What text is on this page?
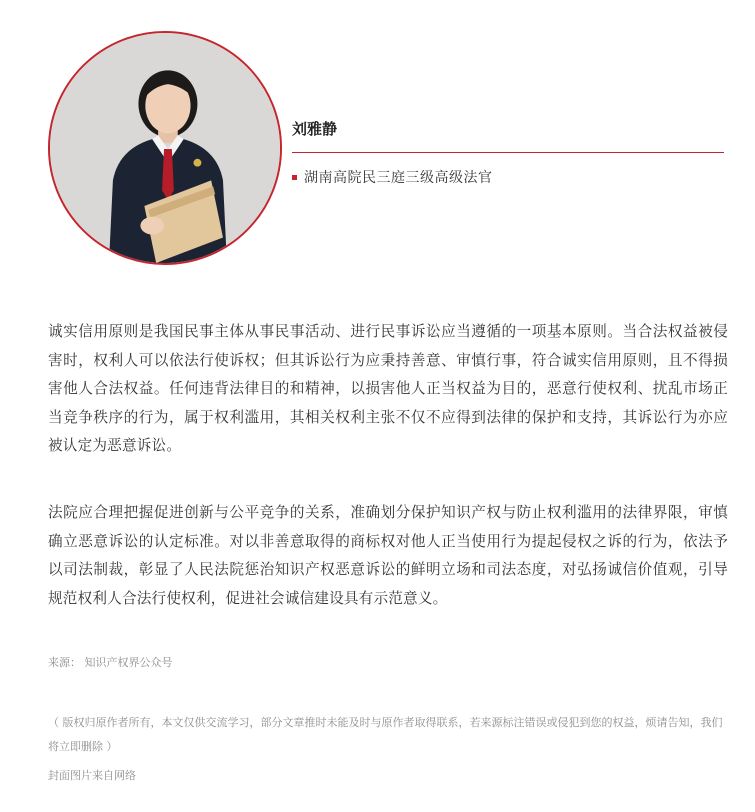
刘雅静
湖南高院民三庭三级高级法官

诚实信用原则是我国民事主体从事民事活动、进行民事诉讼应当遵循的一项基本原则。当合法权益被侵害时，权利人可以依法行使诉权；但其诉讼行为应秉持善意、审慎行事，符合诚实信用原则，且不得损害他人合法权益。任何违背法律目的和精神，以损害他人正当权益为目的，恶意行使权利、扰乱市场正当竞争秩序的行为，属于权利滥用，其相关权利主张不仅不应得到法律的保护和支持，其诉讼行为亦应被认定为恶意诉讼。

法院应合理把握促进创新与公平竞争的关系，准确划分保护知识产权与防止权利滥用的法律界限，审慎确立恶意诉讼的认定标准。对以非善意取得的商标权对他人正当使用行为提起侵权之诉的行为，依法予以司法制裁，彰显了人民法院惩治知识产权恶意诉讼的鲜明立场和司法态度，对弘扬诚信价值观，引导规范权利人合法行使权利，促进社会诚信建设具有示范意义。

来源： 知识产权界公众号

（ 版权归原作者所有，本文仅供交流学习，部分文章推时未能及时与原作者取得联系，若来源标注错误或侵犯到您的权益，烦请告知，我们将立即删除 ）

封面图片来自网络
